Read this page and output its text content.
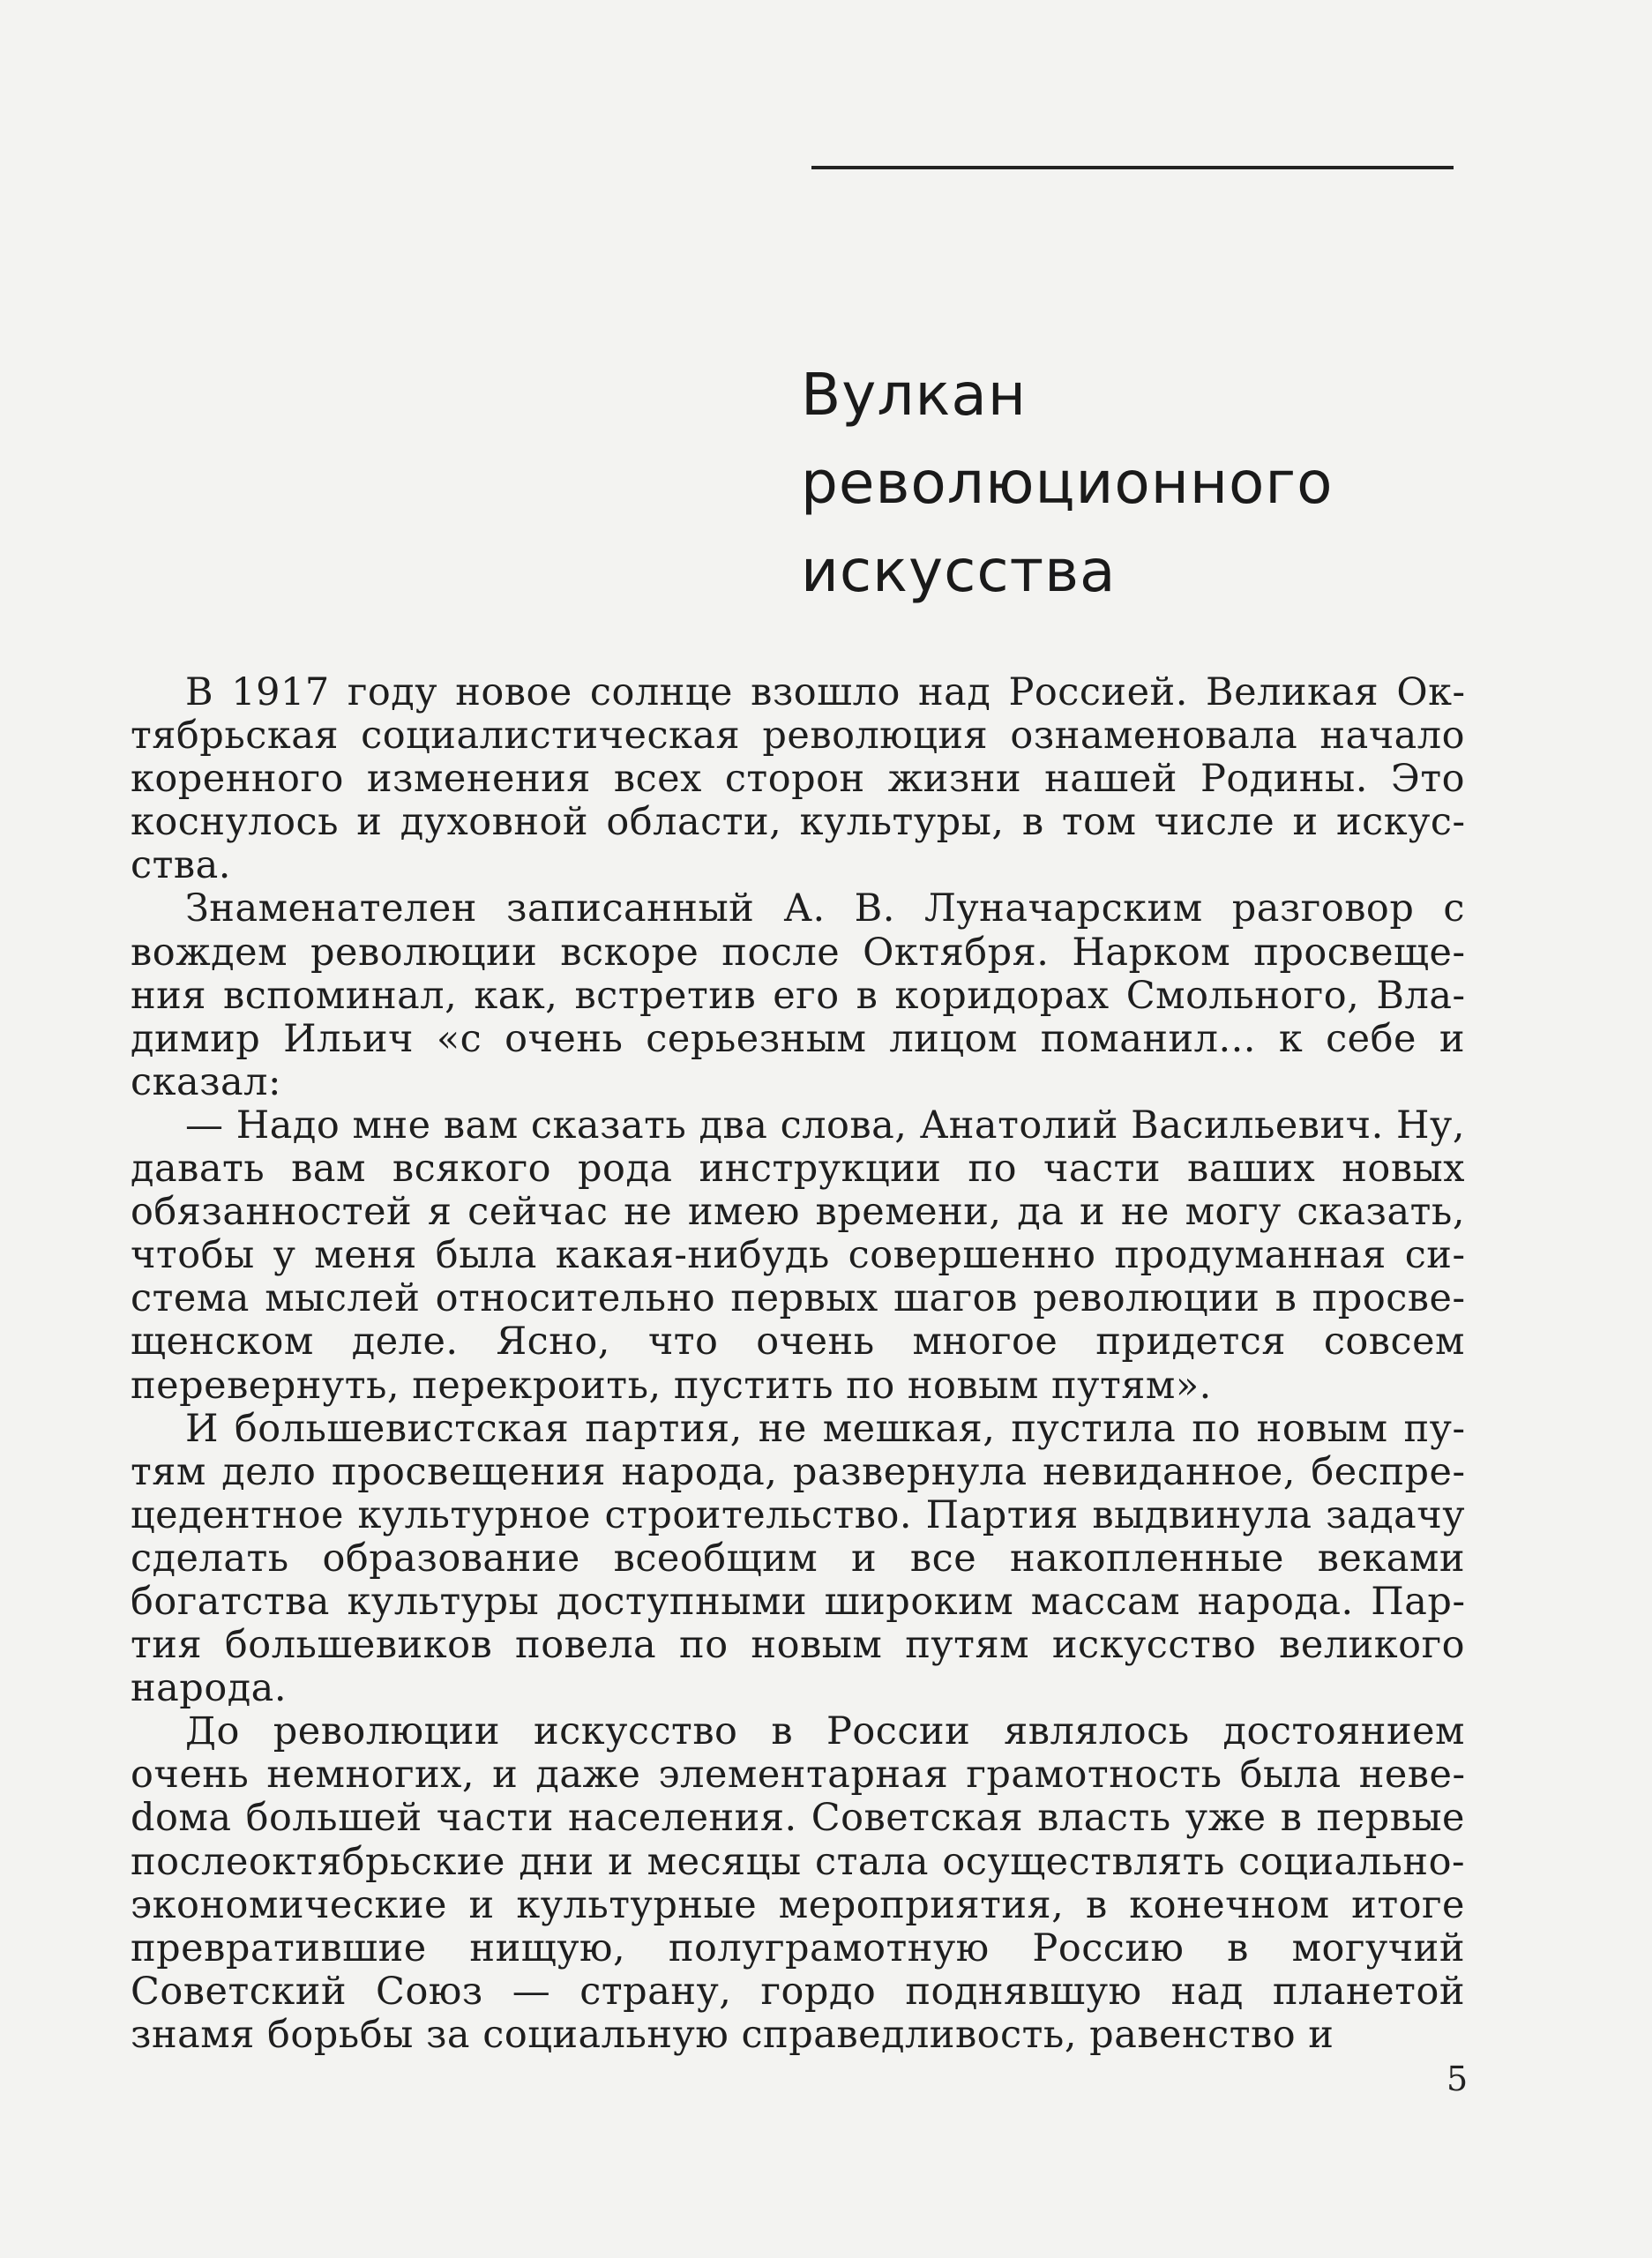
Вулкан
революционного
искусства

В 1917 году новое солнце взошло над Россией. Великая Октябрьская социалистическая революция ознаменовала начало коренного изменения всех сторон жизни нашей Родины. Это коснулось и духовной области, культуры, в том числе и искусства.

Знаменателен записанный А. В. Луначарским разговор с вождем революции вскоре после Октября. Нарком просвещения вспоминал, как, встретив его в коридорах Смольного, Владимир Ильич «с очень серьезным лицом поманил... к себе и сказал:

— Надо мне вам сказать два слова, Анатолий Васильевич. Ну, давать вам всякого рода инструкции по части ваших новых обязанностей я сейчас не имею времени, да и не могу сказать, чтобы у меня была какая-нибудь совершенно продуманная система мыслей относительно первых шагов революции в просвещенском деле. Ясно, что очень многое придется совсем перевернуть, перекроить, пустить по новым путям».

И большевистская партия, не мешкая, пустила по новым путям дело просвещения народа, развернула невиданное, беспрецедентное культурное строительство. Партия выдвинула задачу сделать образование всеобщим и все накопленные веками богатства культуры доступными широким массам народа. Партия большевиков повела по новым путям искусство великого народа.

До революции искусство в России являлось достоянием очень немногих, и даже элементарная грамотность была невеdома большей части населения. Советская власть уже в первые послеоктябрьские дни и месяцы стала осуществлять социально-экономические и культурные мероприятия, в конечном итоге превратившие нищую, полуграмотную Россию в могучий Советский Союз — страну, гордо поднявшую над планетой знамя борьбы за социальную справедливость, равенство и

5
